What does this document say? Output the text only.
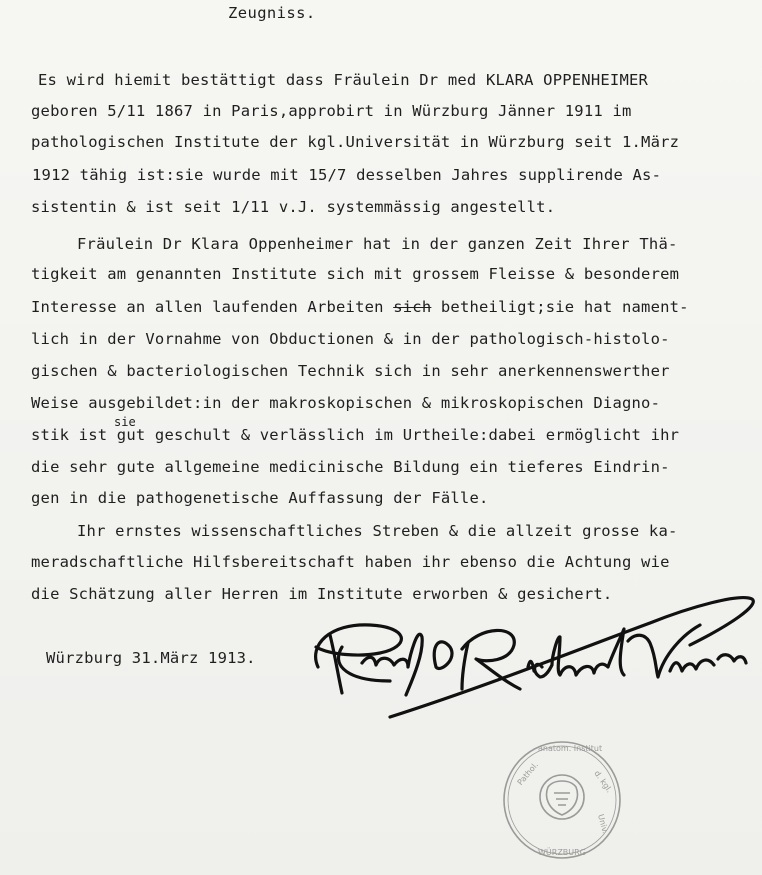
Zeugniss.
Es wird hiemit bestättigt dass Fräulein Dr med KLARA OPPENHEIMER
geboren 5/11 1867 in Paris,approbirt in Würzburg Jänner 1911 im
pathologischen Institute der kgl.Universität in Würzburg seit 1.März
1912 tähig ist:sie wurde mit 15/7 desselben Jahres supplirende As-
sistentin & ist seit 1/11 v.J. systemmässig angestellt.
Fräulein Dr Klara Oppenheimer hat in der ganzen Zeit Ihrer Thä-
tigkeit am genannten Institute sich mit grossem Fleisse & besonderem
Interesse an allen laufenden Arbeiten sich betheiligt;sie hat nament-
lich in der Vornahme von Obductionen & in der pathologisch-histolo-
gischen & bacteriologischen Technik sich in sehr anerkennenswerther
Weise ausgebildet:in der makroskopischen & mikroskopischen Diagno-
sie
stik ist gut geschult & verlässlich im Urtheile:dabei ermöglicht ihr
die sehr gute allgemeine medicinische Bildung ein tieferes Eindrin-
gen in die pathogenetische Auffassung der Fälle.
Ihr ernstes wissenschaftliches Streben & die allzeit grosse ka-
meradschaftliche Hilfsbereitschaft haben ihr ebenso die Achtung wie
die Schätzung aller Herren im Institute erworben & gesichert.
Würzburg 31.März 1913.
Pathol.
anatom. Institut
d. kgl.
Univ.
WÜRZBURG
